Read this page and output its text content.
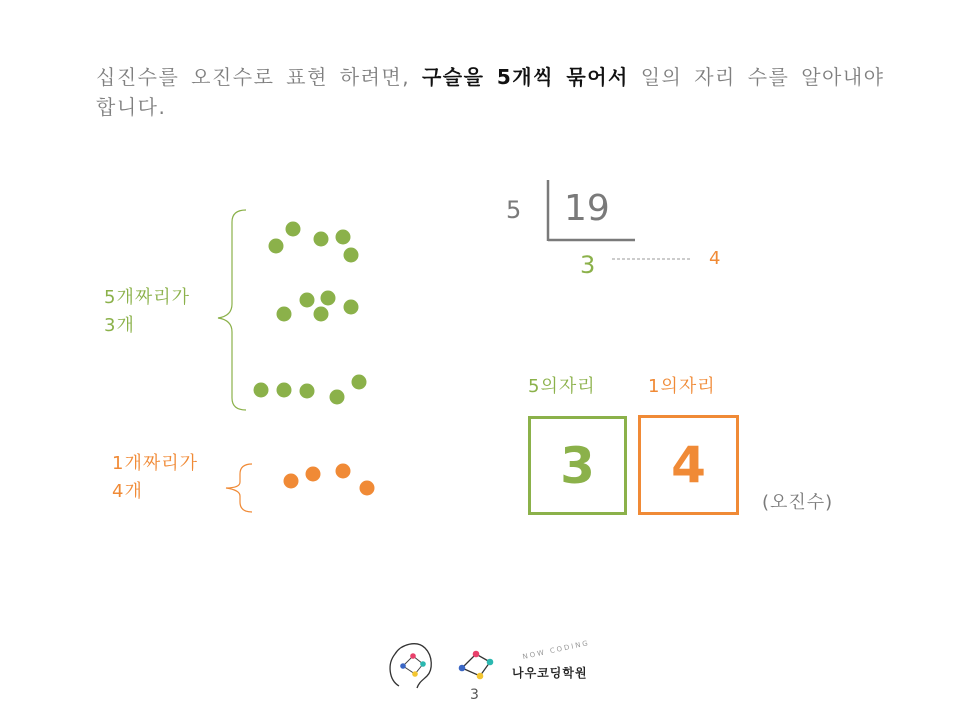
십진수를 오진수로 표현 하려면, 구슬을 5개씩 묶어서 일의 자리 수를 알아내야 합니다.
5개짜리가
3개
1개짜리가
4개
5 19
3	4
5의자리	1의자리
3 4
(오진수)
NOW CODING
나우코딩학원
3
